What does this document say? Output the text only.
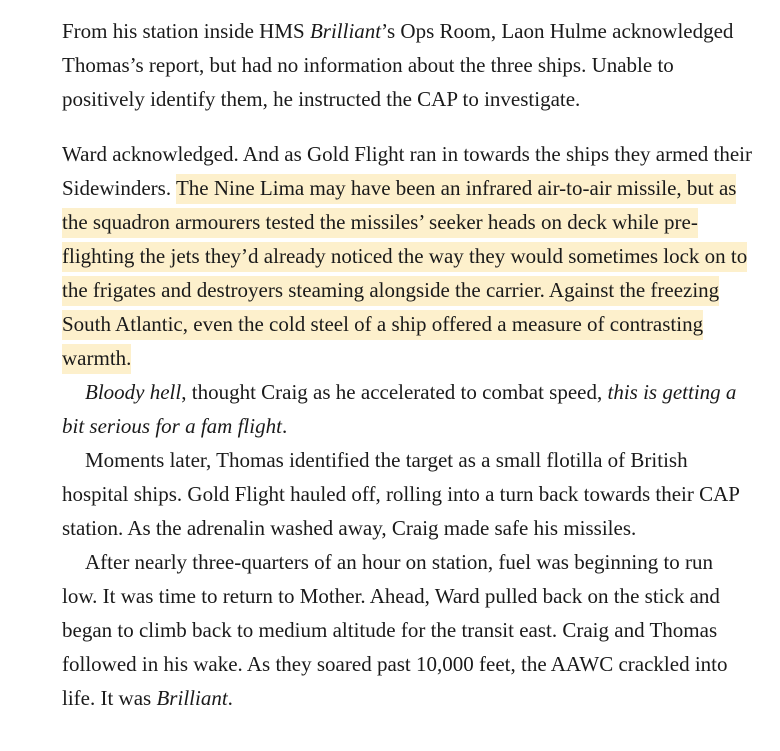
From his station inside HMS Brilliant’s Ops Room, Laon Hulme acknowledged Thomas’s report, but had no information about the three ships. Unable to positively identify them, he instructed the CAP to investigate.

Ward acknowledged. And as Gold Flight ran in towards the ships they armed their Sidewinders. The Nine Lima may have been an infrared air-to-air missile, but as the squadron armourers tested the missiles’ seeker heads on deck while pre-flighting the jets they’d already noticed the way they would sometimes lock on to the frigates and destroyers steaming alongside the carrier. Against the freezing South Atlantic, even the cold steel of a ship offered a measure of contrasting warmth.

Bloody hell, thought Craig as he accelerated to combat speed, this is getting a bit serious for a fam flight.

Moments later, Thomas identified the target as a small flotilla of British hospital ships. Gold Flight hauled off, rolling into a turn back towards their CAP station. As the adrenalin washed away, Craig made safe his missiles.

After nearly three-quarters of an hour on station, fuel was beginning to run low. It was time to return to Mother. Ahead, Ward pulled back on the stick and began to climb back to medium altitude for the transit east. Craig and Thomas followed in his wake. As they soared past 10,000 feet, the AAWC crackled into life. It was Brilliant.
